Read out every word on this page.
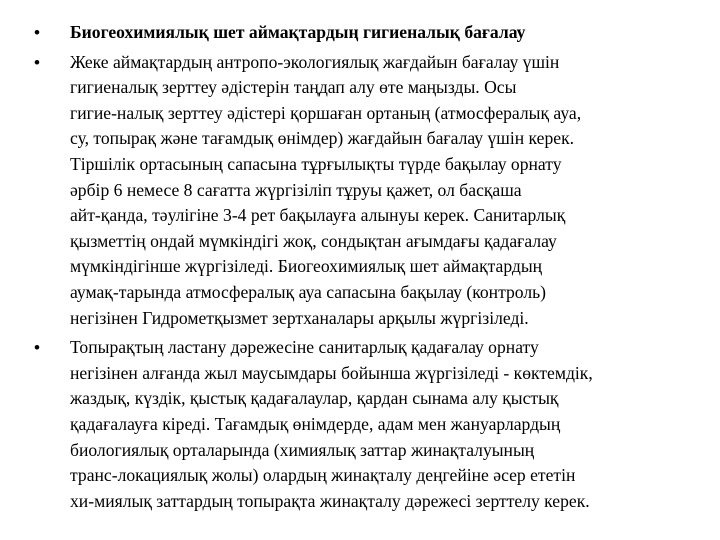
•	Биогеохимиялық шет аймақтардың гигиеналық бағалау
•	Жеке аймақтардың антропо-экологиялық жағдайын бағалау үшін
гигиеналық зерттеу әдістерін таңдап алу өте маңызды. Осы
гигие-налық зерттеу әдістері қоршаған ортаның (атмосфералық ауа,
су, топырақ және тағамдық өнімдер) жағдайын бағалау үшін керек.
Тіршілік ортасының сапасына тұрғылықты түрде бақылау орнату
әрбір 6 немесе 8 сағатта жүргізіліп тұруы қажет, ол басқаша
айт-қанда, тәулігіне 3-4 рет бақылауға алынуы керек. Санитарлық
қызметтің ондай мүмкіндігі жоқ, сондықтан ағымдағы қадағалау
мүмкіндігінше жүргізіледі. Биогеохимиялық шет аймақтардың
аумақ-тарында атмосфералық ауа сапасына бақылау (контроль)
негізінен Гидрометқызмет зертханалары арқылы жүргізіледі.
•	Топырақтың ластану дәрежесіне санитарлық қадағалау орнату
негізінен алғанда жыл маусымдары бойынша жүргізіледі - көктемдік,
жаздық, күздік, қыстық қадағалаулар, қардан сынама алу қыстық
қадағалауға кіреді. Тағамдық өнімдерде, адам мен жануарлардың
биологиялық орталарында (химиялық заттар жинақталуының
транс-локациялық жолы) олардың жинақталу деңгейіне әсер ететін
хи-миялық заттардың топырақта жинақталу дәрежесі зерттелу керек.
